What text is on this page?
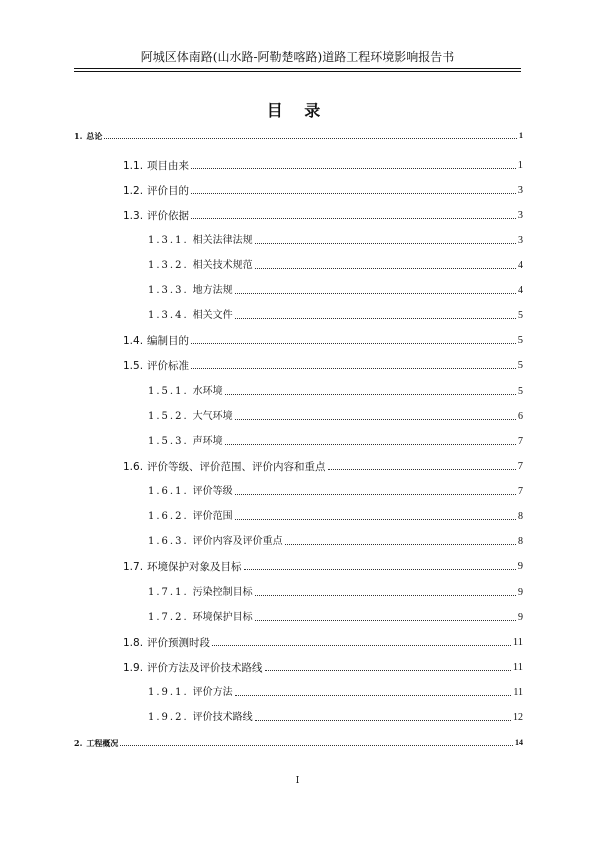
阿城区体南路(山水路-阿勒楚喀路)道路工程环境影响报告书
目 录
1. 总论	1
1.1. 项目由来	1
1.2. 评价目的	3
1.3. 评价依据	3
1.3.1. 相关法律法规	3
1.3.2. 相关技术规范	4
1.3.3. 地方法规	4
1.3.4. 相关文件	5
1.4. 编制目的	5
1.5. 评价标准	5
1.5.1. 水环境	5
1.5.2. 大气环境	6
1.5.3. 声环境	7
1.6. 评价等级、评价范围、评价内容和重点	7
1.6.1. 评价等级	7
1.6.2. 评价范围	8
1.6.3. 评价内容及评价重点	8
1.7. 环境保护对象及目标	9
1.7.1. 污染控制目标	9
1.7.2. 环境保护目标	9
1.8. 评价预测时段	11
1.9. 评价方法及评价技术路线	11
1.9.1. 评价方法	11
1.9.2. 评价技术路线	12
2. 工程概况	14
I
